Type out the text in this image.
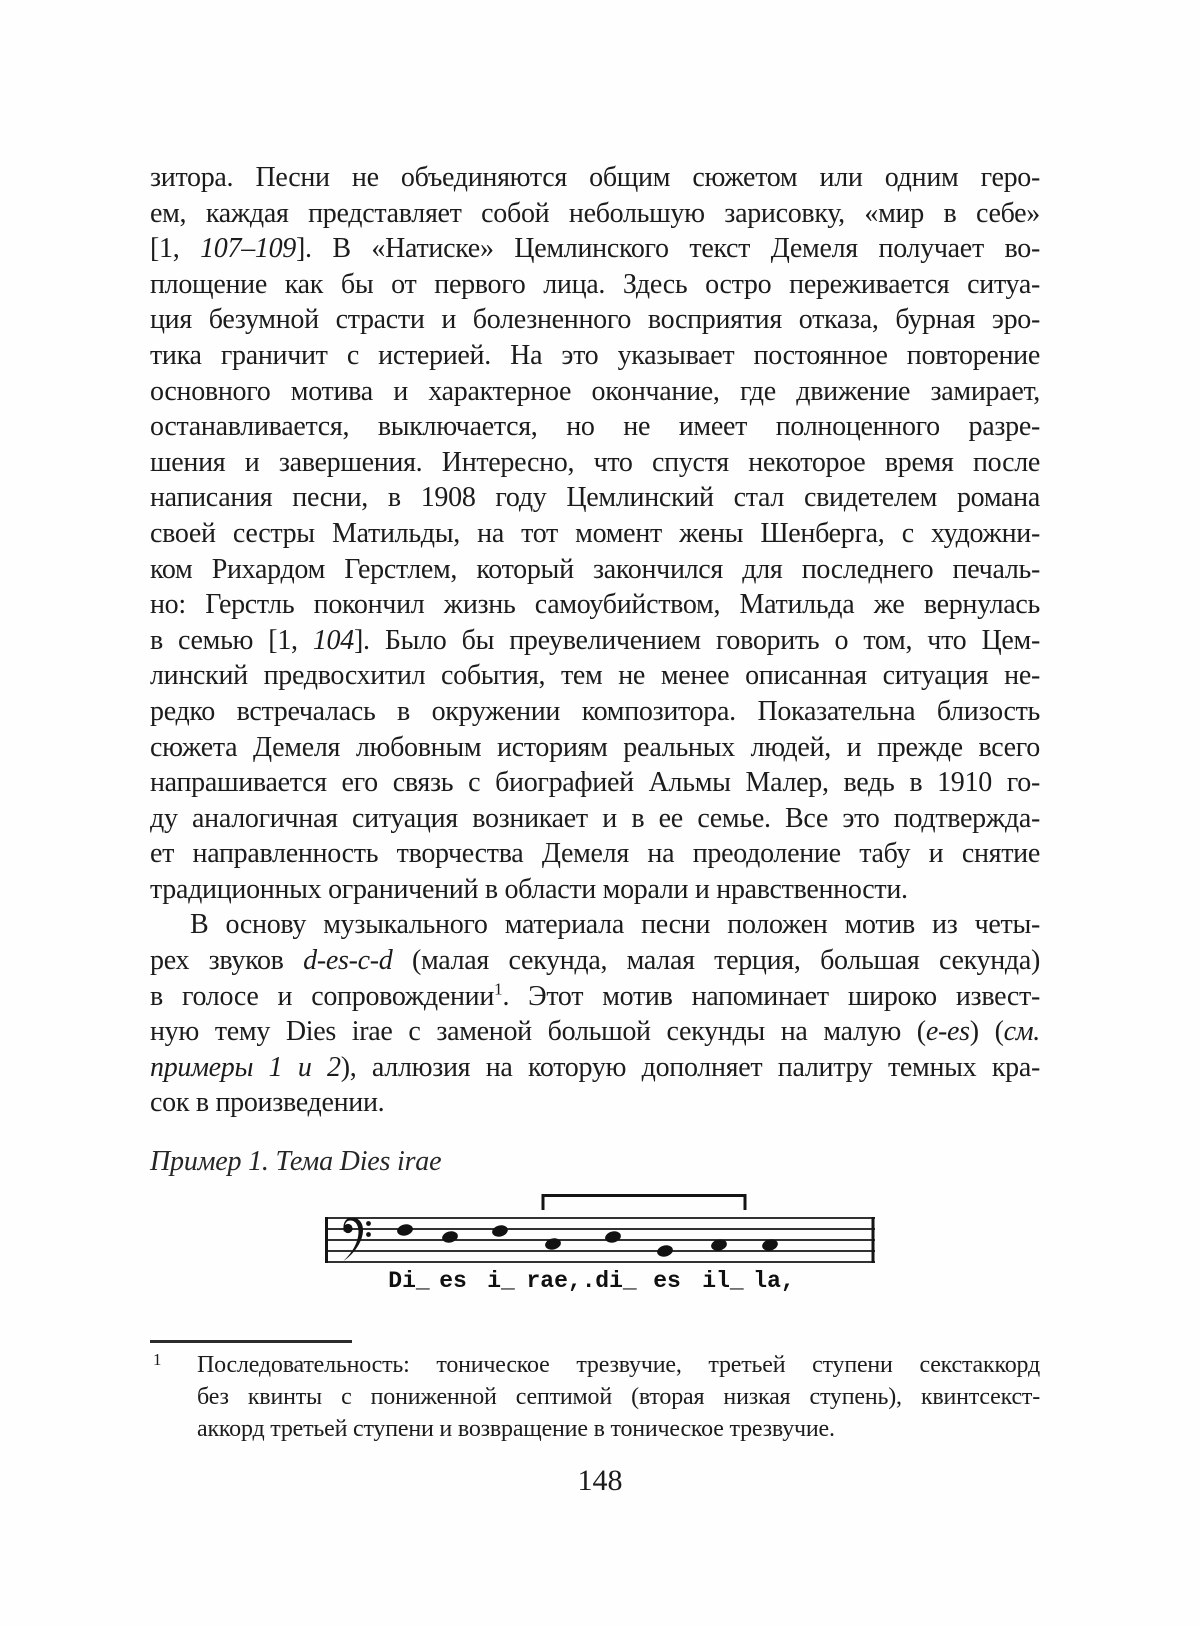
зитора. Песни не объединяются общим сюжетом или одним геро-
ем, каждая представляет собой небольшую зарисовку, «мир в себе»
[1, 107–109]. В «Натиске» Цемлинского текст Демеля получает во-
площение как бы от первого лица. Здесь остро переживается ситуа-
ция безумной страсти и болезненного восприятия отказа, бурная эро-
тика граничит с истерией. На это указывает постоянное повторение
основного мотива и характерное окончание, где движение замирает,
останавливается, выключается, но не имеет полноценного разре-
шения и завершения. Интересно, что спустя некоторое время после
написания песни, в 1908 году Цемлинский стал свидетелем романа
своей сестры Матильды, на тот момент жены Шенберга, с художни-
ком Рихардом Герстлем, который закончился для последнего печаль-
но: Герстль покончил жизнь самоубийством, Матильда же вернулась
в семью [1, 104]. Было бы преувеличением говорить о том, что Цем-
линский предвосхитил события, тем не менее описанная ситуация не-
редко встречалась в окружении композитора. Показательна близость
сюжета Демеля любовным историям реальных людей, и прежде всего
напрашивается его связь с биографией Альмы Малер, ведь в 1910 го-
ду аналогичная ситуация возникает и в ее семье. Все это подтвержда-
ет направленность творчества Демеля на преодоление табу и снятие
традиционных ограничений в области морали и нравственности.
В основу музыкального материала песни положен мотив из четы-
рех звуков d-es-c-d (малая секунда, малая терция, большая секунда)
в голосе и сопровождении$^1$. Этот мотив напоминает широко извест-
ную тему Dies irae с заменой большой секунды на малую (e-es) (см.
примеры 1 и 2), аллюзия на которую дополняет палитру темных кра-
сок в произведении.
Пример 1. Тема Dies irae
Di_ es i_ rae,. di_ es il_ la,
1 Последовательность: тоническое трезвучие, третьей ступени секстаккорд
без квинты с пониженной септимой (вторая низкая ступень), квинтсекст-
аккорд третьей ступени и возвращение в тоническое трезвучие.
148
